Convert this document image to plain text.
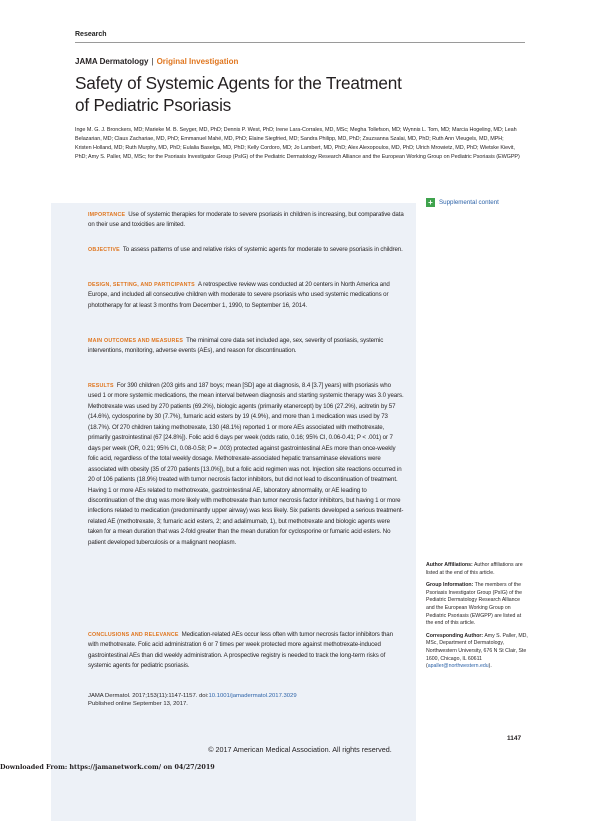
Research
JAMA Dermatology | Original Investigation
Safety of Systemic Agents for the Treatment
of Pediatric Psoriasis
Inge M. G. J. Bronckers, MD; Marieke M. B. Seyger, MD, PhD; Dennis P. West, PhD; Irene Lara-Corrales, MD, MSc; Megha Tollefson, MD; Wynnis L. Tom, MD; Marcia Hogeling, MD; Leah Belazarian, MD; Claus Zachariae, MD, PhD; Emmanuel Mahé, MD, PhD; Elaine Siegfried, MD; Sandra Philipp, MD, PhD; Zsuzsanna Szalai, MD, PhD; Ruth Ann Vleugels, MD, MPH; Kristen Holland, MD; Ruth Murphy, MD, PhD; Eulalia Baselga, MD, PhD; Kelly Cordoro, MD; Jo Lambert, MD, PhD; Alex Alexopoulos, MD, PhD; Ulrich Mrowietz, MD, PhD; Wietske Kievit, PhD; Amy S. Paller, MD, MSc; for the Psoriasis Investigator Group (PsIG) of the Pediatric Dermatology Research Alliance and the European Working Group on Pediatric Psoriasis (EWGPP)
+ Supplemental content

IMPORTANCE Use of systemic therapies for moderate to severe psoriasis in children is increasing, but comparative data on their use and toxicities are limited.

OBJECTIVE To assess patterns of use and relative risks of systemic agents for moderate to severe psoriasis in children.

DESIGN, SETTING, AND PARTICIPANTS A retrospective review was conducted at 20 centers in North America and Europe, and included all consecutive children with moderate to severe psoriasis who used systemic medications or phototherapy for at least 3 months from December 1, 1990, to September 16, 2014.

MAIN OUTCOMES AND MEASURES The minimal core data set included age, sex, severity of psoriasis, systemic interventions, monitoring, adverse events (AEs), and reason for discontinuation.

RESULTS For 390 children (203 girls and 187 boys; mean [SD] age at diagnosis, 8.4 [3.7] years) with psoriasis who used 1 or more systemic medications, the mean interval between diagnosis and starting systemic therapy was 3.0 years. Methotrexate was used by 270 patients (69.2%), biologic agents (primarily etanercept) by 106 (27.2%), acitretin by 57 (14.6%), cyclosporine by 30 (7.7%), fumaric acid esters by 19 (4.9%), and more than 1 medication was used by 73 (18.7%). Of 270 children taking methotrexate, 130 (48.1%) reported 1 or more AEs associated with methotrexate, primarily gastrointestinal (67 [24.8%]). Folic acid 6 days per week (odds ratio, 0.16; 95% CI, 0.06-0.41; P < .001) or 7 days per week (OR, 0.21; 95% CI, 0.08-0.58; P = .003) protected against gastrointestinal AEs more than once-weekly folic acid, regardless of the total weekly dosage. Methotrexate-associated hepatic transaminase elevations were associated with obesity (35 of 270 patients [13.0%]), but a folic acid regimen was not. Injection site reactions occurred in 20 of 106 patients (18.9%) treated with tumor necrosis factor inhibitors, but did not lead to discontinuation of treatment. Having 1 or more AEs related to methotrexate, gastrointestinal AE, laboratory abnormality, or AE leading to discontinuation of the drug was more likely with methotrexate than tumor necrosis factor inhibitors, but having 1 or more infections related to medication (predominantly upper airway) was less likely. Six patients developed a serious treatment-related AE (methotrexate, 3; fumaric acid esters, 2; and adalimumab, 1), but methotrexate and biologic agents were taken for a mean duration that was 2-fold greater than the mean duration for cyclosporine or fumaric acid esters. No patient developed tuberculosis or a malignant neoplasm.

CONCLUSIONS AND RELEVANCE Medication-related AEs occur less often with tumor necrosis factor inhibitors than with methotrexate. Folic acid administration 6 or 7 times per week protected more against methotrexate-induced gastrointestinal AEs than did weekly administration. A prospective registry is needed to track the long-term risks of systemic agents for pediatric psoriasis.

JAMA Dermatol. 2017;153(11):1147-1157. doi:10.1001/jamadermatol.2017.3029
Published online September 13, 2017.

Author Affiliations: Author affiliations are listed at the end of this article.

Group Information: The members of the Psoriasis Investigator Group (PsIG) of the Pediatric Dermatology Research Alliance and the European Working Group on Pediatric Psoriasis (EWGPP) are listed at the end of this article.

Corresponding Author: Amy S. Paller, MD, MSc, Department of Dermatology, Northwestern University, 676 N St Clair, Ste 1600, Chicago, IL 60611 (apaller@northwestern.edu).

1147
© 2017 American Medical Association. All rights reserved.
Downloaded From: https://jamanetwork.com/ on 04/27/2019
